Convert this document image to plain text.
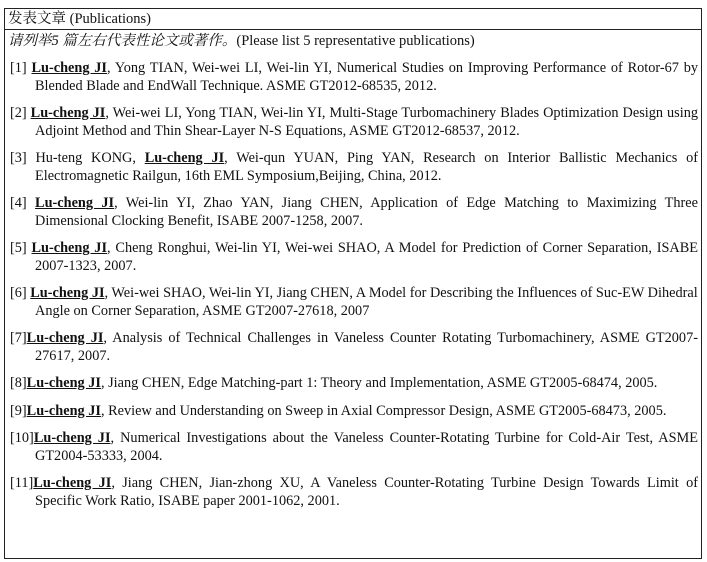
发表文章 (Publications)
请列举5 篇左右代表性论文或著作。(Please list 5 representative publications)
[1] Lu-cheng JI, Yong TIAN, Wei-wei LI, Wei-lin YI, Numerical Studies on Improving Performance of Rotor-67 by Blended Blade and EndWall Technique. ASME GT2012-68535, 2012.
[2] Lu-cheng JI, Wei-wei LI, Yong TIAN, Wei-lin YI, Multi-Stage Turbomachinery Blades Optimization Design using Adjoint Method and Thin Shear-Layer N-S Equations, ASME GT2012-68537, 2012.
[3] Hu-teng KONG, Lu-cheng JI, Wei-qun YUAN, Ping YAN, Research on Interior Ballistic Mechanics of Electromagnetic Railgun, 16th EML Symposium,Beijing, China, 2012.
[4] Lu-cheng JI, Wei-lin YI, Zhao YAN, Jiang CHEN, Application of Edge Matching to Maximizing Three Dimensional Clocking Benefit, ISABE 2007-1258, 2007.
[5] Lu-cheng JI, Cheng Ronghui, Wei-lin YI, Wei-wei SHAO, A Model for Prediction of Corner Separation, ISABE 2007-1323, 2007.
[6] Lu-cheng JI, Wei-wei SHAO, Wei-lin YI, Jiang CHEN, A Model for Describing the Influences of Suc-EW Dihedral Angle on Corner Separation, ASME GT2007-27618, 2007
[7]Lu-cheng JI, Analysis of Technical Challenges in Vaneless Counter Rotating Turbomachinery, ASME GT2007-27617, 2007.
[8]Lu-cheng JI, Jiang CHEN, Edge Matching-part 1: Theory and Implementation, ASME GT2005-68474, 2005.
[9]Lu-cheng JI, Review and Understanding on Sweep in Axial Compressor Design, ASME GT2005-68473, 2005.
[10]Lu-cheng JI, Numerical Investigations about the Vaneless Counter-Rotating Turbine for Cold-Air Test, ASME GT2004-53333, 2004.
[11]Lu-cheng JI, Jiang CHEN, Jian-zhong XU, A Vaneless Counter-Rotating Turbine Design Towards Limit of Specific Work Ratio, ISABE paper 2001-1062, 2001.
